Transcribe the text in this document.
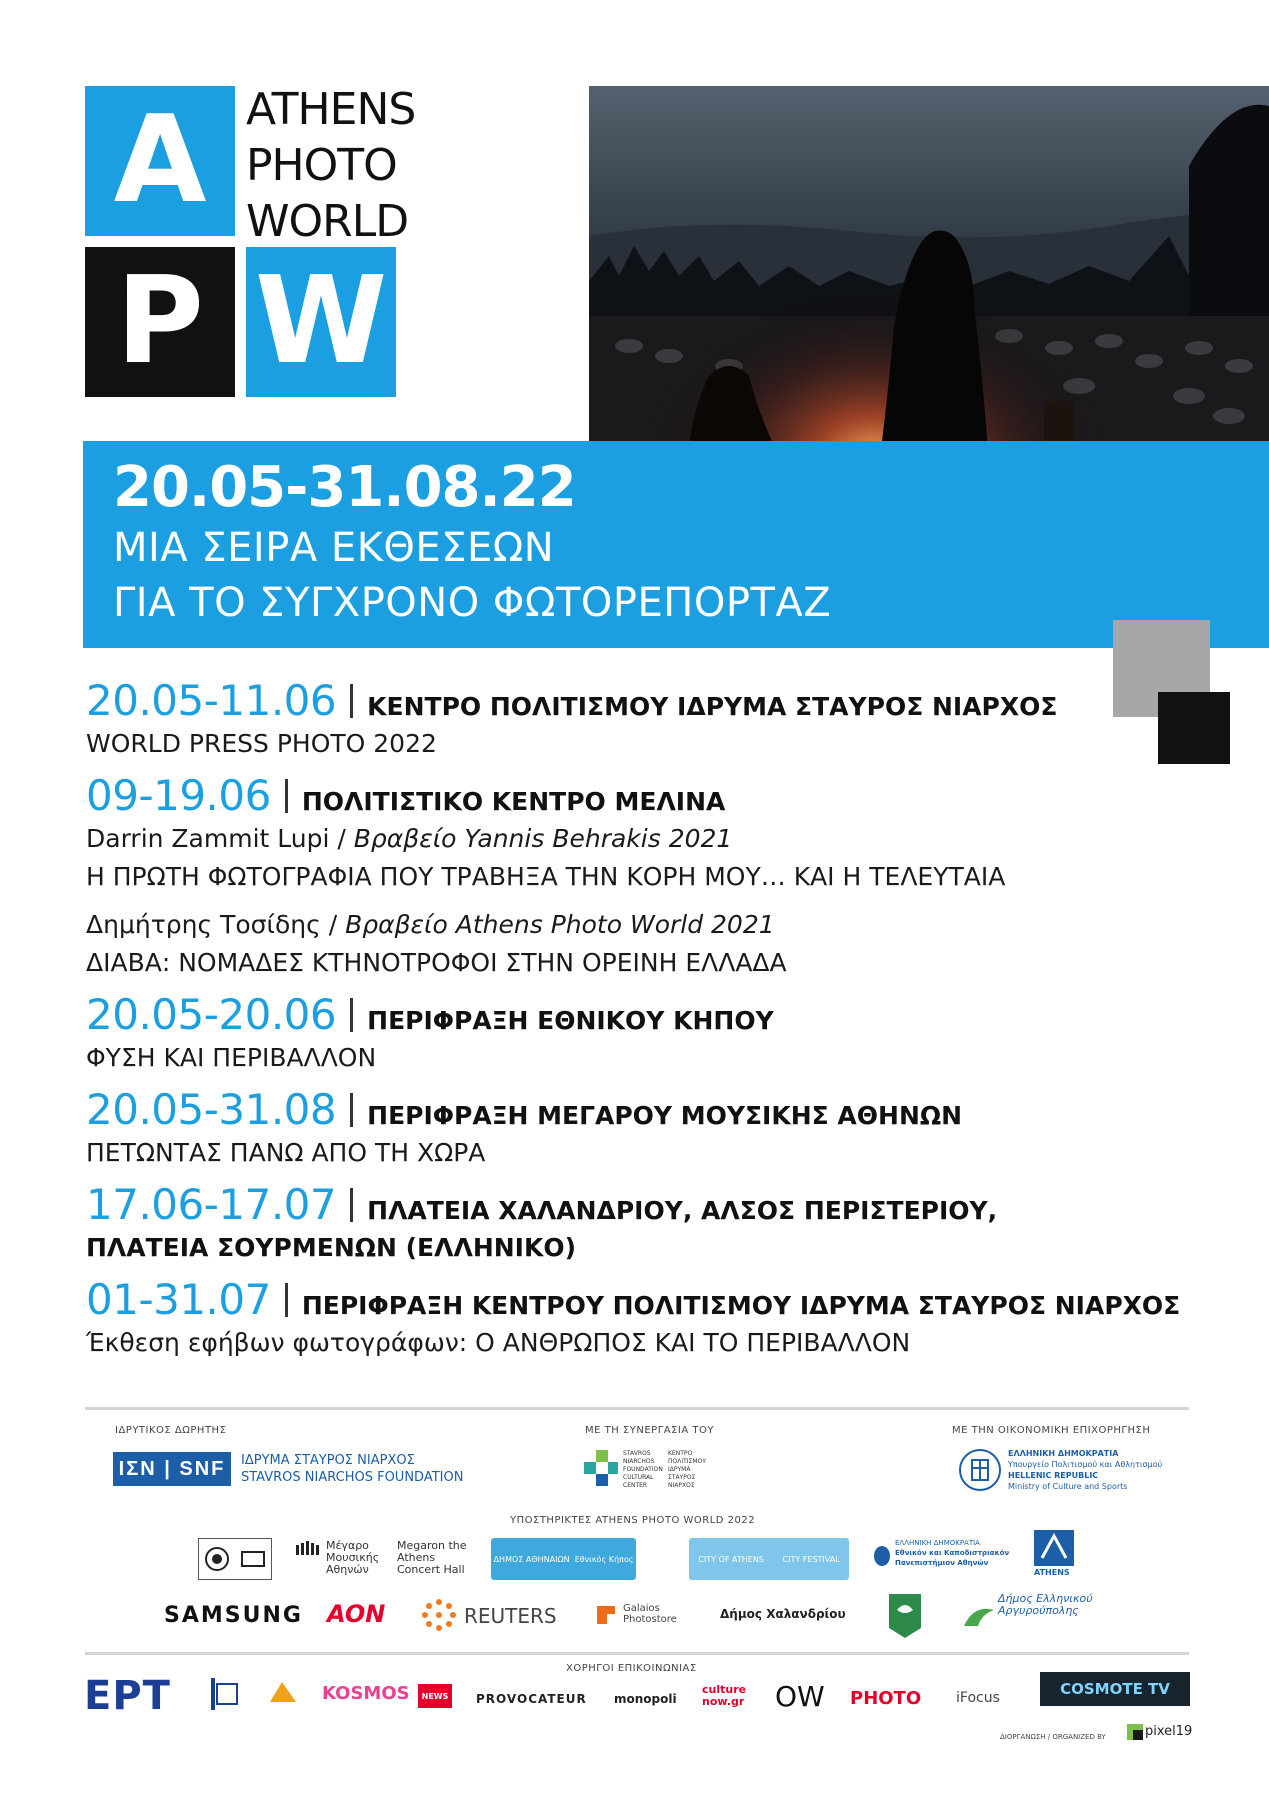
A
P W
ATHENS
PHOTO
WORLD
20.05-31.08.22
ΜΙΑ ΣΕΙΡΑ ΕΚΘΕΣΕΩΝ
ΓΙΑ ΤΟ ΣΥΓΧΡΟΝΟ ΦΩΤΟΡΕΠΟΡΤΑΖ
20.05-11.06 ΚΕΝΤΡΟ ΠΟΛΙΤΙΣΜΟΥ ΙΔΡΥΜΑ ΣΤΑΥΡΟΣ ΝΙΑΡΧΟΣ
WORLD PRESS PHOTO 2022
09-19.06 ΠΟΛΙΤΙΣΤΙΚΟ ΚΕΝΤΡΟ ΜΕΛΙΝΑ
Darrin Zammit Lupi / Βραβείο Yannis Behrakis 2021
Η ΠΡΩΤΗ ΦΩΤΟΓΡΑΦΙΑ ΠΟΥ ΤΡΑΒΗΞΑ ΤΗΝ ΚΟΡΗ ΜΟΥ… ΚΑΙ Η ΤΕΛΕΥΤΑΙΑ
Δημήτρης Τοσίδης / Βραβείο Athens Photo World 2021
ΔΙΑΒΑ: ΝΟΜΑΔΕΣ ΚΤΗΝΟΤΡΟΦΟΙ ΣΤΗΝ ΟΡΕΙΝΗ ΕΛΛΑΔΑ
20.05-20.06 ΠΕΡΙΦΡΑΞΗ ΕΘΝΙΚΟΥ ΚΗΠΟΥ
ΦΥΣΗ ΚΑΙ ΠΕΡΙΒΑΛΛΟΝ
20.05-31.08 ΠΕΡΙΦΡΑΞΗ ΜΕΓΑΡΟΥ ΜΟΥΣΙΚΗΣ ΑΘΗΝΩΝ
ΠΕΤΩΝΤΑΣ ΠΑΝΩ ΑΠΟ ΤΗ ΧΩΡΑ
17.06-17.07 ΠΛΑΤΕΙΑ ΧΑΛΑΝΔΡΙΟΥ, ΑΛΣΟΣ ΠΕΡΙΣΤΕΡΙΟΥ,
ΠΛΑΤΕΙΑ ΣΟΥΡΜΕΝΩΝ (ΕΛΛΗΝΙΚΟ)
01-31.07 ΠΕΡΙΦΡΑΞΗ ΚΕΝΤΡΟΥ ΠΟΛΙΤΙΣΜΟΥ ΙΔΡΥΜΑ ΣΤΑΥΡΟΣ ΝΙΑΡΧΟΣ
Έκθεση εφήβων φωτογράφων: Ο ΑΝΘΡΩΠΟΣ ΚΑΙ ΤΟ ΠΕΡΙΒΑΛΛΟΝ
ΙΔΡΥΤΙΚΟΣ ΔΩΡΗΤΗΣ
ΙΣΝ | SNF	ΙΔΡΥΜΑ ΣΤΑΥΡΟΣ ΝΙΑΡΧΟΣ
STAVROS NIARCHOS FOUNDATION
ΜΕ ΤΗ ΣΥΝΕΡΓΑΣΙΑ ΤΟΥ
STAVROS NIARCHOS FOUNDATION CULTURAL CENTER
ΚΕΝΤΡΟ ΠΟΛΙΤΙΣΜΟΥ ΙΔΡΥΜΑ ΣΤΑΥΡΟΣ ΝΙΑΡΧΟΣ
ΜΕ ΤΗΝ ΟΙΚΟΝΟΜΙΚΗ ΕΠΙΧΟΡΗΓΗΣΗ
ΕΛΛΗΝΙΚΗ ΔΗΜΟΚΡΑΤΙΑ
Υπουργείο Πολιτισμού και Αθλητισμού
HELLENIC REPUBLIC
Ministry of Culture and Sports
ΥΠΟΣΤΗΡΙΚΤΕΣ ATHENS PHOTO WORLD 2022
Μέγαρο Μουσικής Αθηνών
Megaron the Athens Concert Hall
ΔΗΜΟΣ ΑΘΗΝΑΙΩΝ Εθνικός Κήπος	CITY OF ATHENS CITY FESTIVAL
ΕΛΛΗΝΙΚΗ ΔΗΜΟΚΡΑΤΙΑ
Εθνικόν και Καποδιστριακόν Πανεπιστήμιον Αθηνών
ATHENS
SAMSUNG AON	REUTERS	Galaios Photostore	Δήμος Χαλανδρίου
Δήμος Ελληνικού Αργυρούπολης
ΧΟΡΗΓΟΙ ΕΠΙΚΟΙΝΩΝΙΑΣ
ΕΡΤ	KOSMOS	NEWS	PROVOCATEUR monopoli
culture now.gr	OW PHOTO iFocus	COSMOTE TV
ΔΙΟΡΓΑΝΩΣΗ / ORGANIZED BY	pixel19
